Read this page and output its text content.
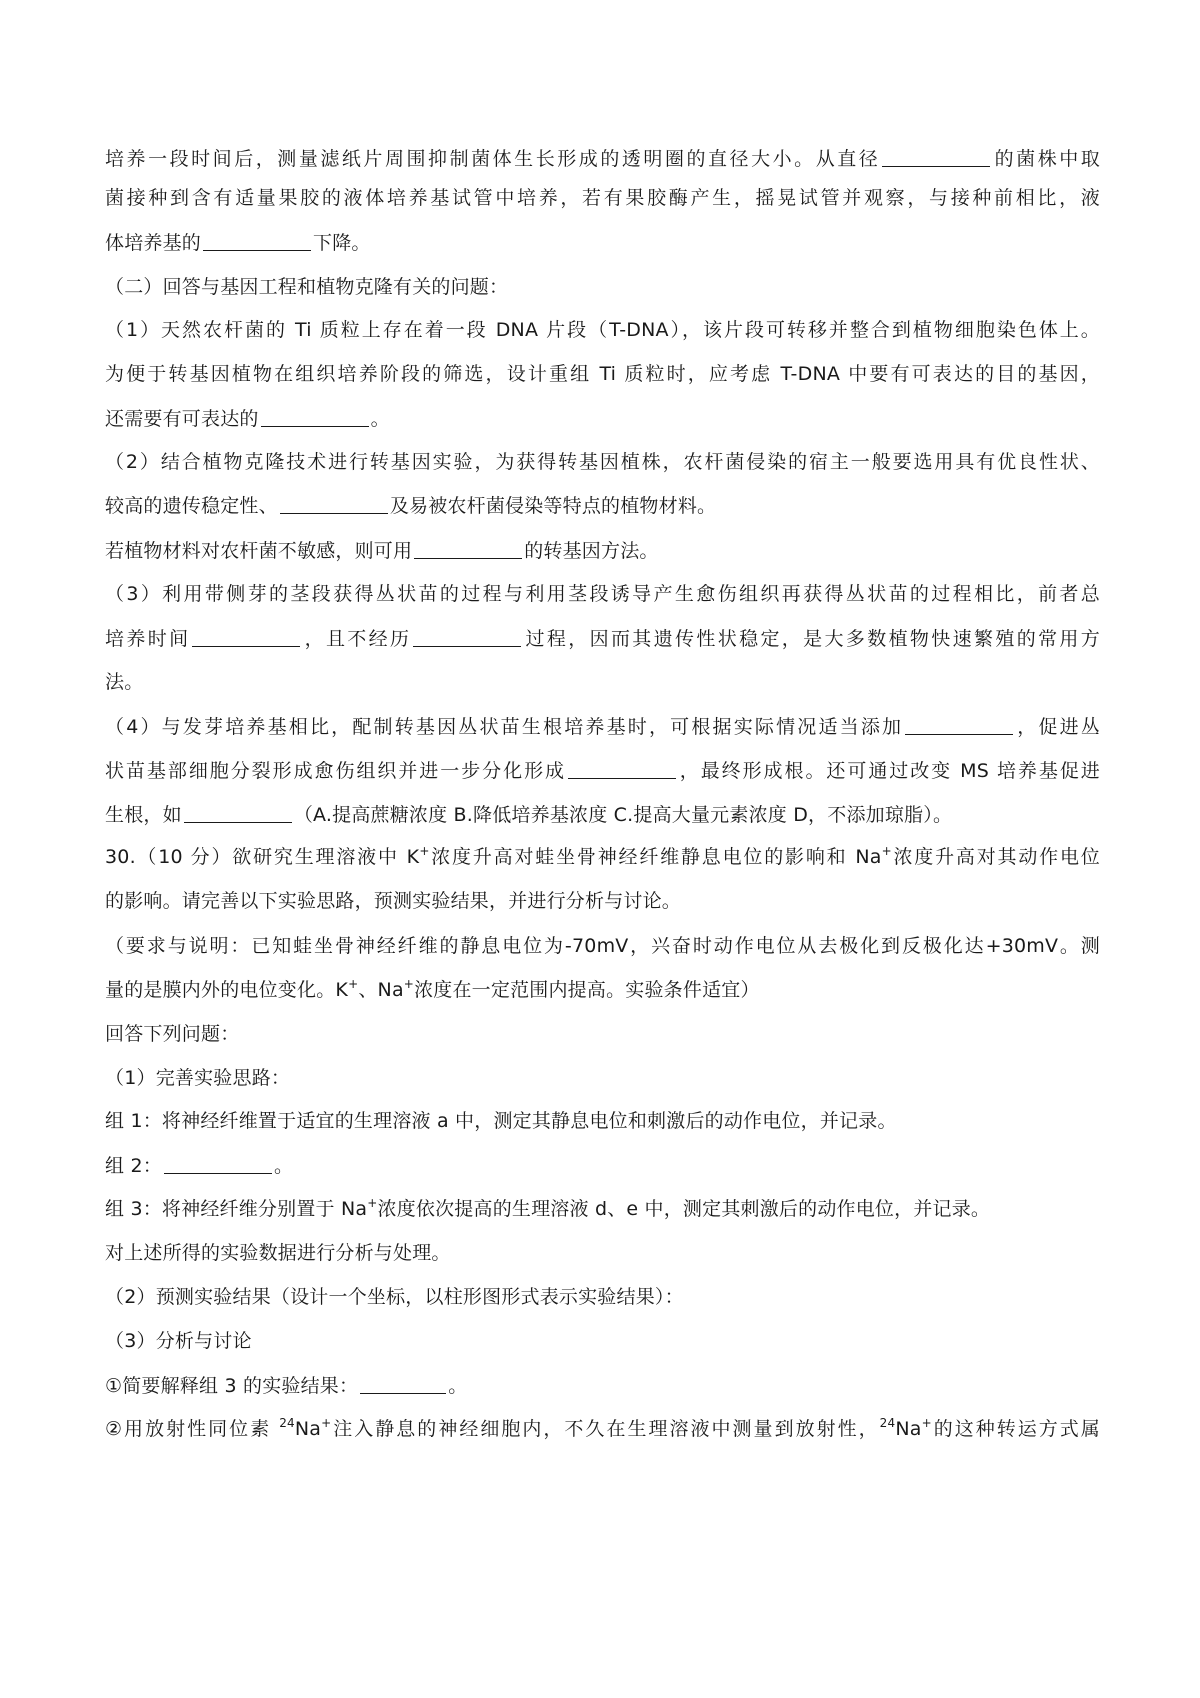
培养一段时间后，测量滤纸片周围抑制菌体生长形成的透明圈的直径大小。从直径	的菌株中取
菌接种到含有适量果胶的液体培养基试管中培养，若有果胶酶产生，摇晃试管并观察，与接种前相比，液
体培养基的	下降。
（二）回答与基因工程和植物克隆有关的问题：
（1）天然农杆菌的 Ti 质粒上存在着一段 DNA 片段（T-DNA），该片段可转移并整合到植物细胞染色体上。
为便于转基因植物在组织培养阶段的筛选，设计重组 Ti 质粒时，应考虑 T-DNA 中要有可表达的目的基因，
还需要有可表达的	。
（2）结合植物克隆技术进行转基因实验，为获得转基因植株，农杆菌侵染的宿主一般要选用具有优良性状、
较高的遗传稳定性、	及易被农杆菌侵染等特点的植物材料。
若植物材料对农杆菌不敏感，则可用	的转基因方法。
（3）利用带侧芽的茎段获得丛状苗的过程与利用茎段诱导产生愈伤组织再获得丛状苗的过程相比，前者总
培养时间	，且不经历	过程，因而其遗传性状稳定，是大多数植物快速繁殖的常用方
法。
（4）与发芽培养基相比，配制转基因丛状苗生根培养基时，可根据实际情况适当添加	，促进丛
状苗基部细胞分裂形成愈伤组织并进一步分化形成	，最终形成根。还可通过改变 MS 培养基促进
生根，如	（A.提高蔗糖浓度 B.降低培养基浓度 C.提高大量元素浓度 D，不添加琼脂）。
30.（10 分）欲研究生理溶液中 K+浓度升高对蛙坐骨神经纤维静息电位的影响和 Na+浓度升高对其动作电位
的影响。请完善以下实验思路，预测实验结果，并进行分析与讨论。
（要求与说明：已知蛙坐骨神经纤维的静息电位为-70mV，兴奋时动作电位从去极化到反极化达+30mV。测
量的是膜内外的电位变化。K+、Na+浓度在一定范围内提高。实验条件适宜）
回答下列问题：
（1）完善实验思路：
组 1：将神经纤维置于适宜的生理溶液 a 中，测定其静息电位和刺激后的动作电位，并记录。
组 2：	。
组 3：将神经纤维分别置于 Na+浓度依次提高的生理溶液 d、e 中，测定其刺激后的动作电位，并记录。
对上述所得的实验数据进行分析与处理。
（2）预测实验结果（设计一个坐标，以柱形图形式表示实验结果）：
（3）分析与讨论
①简要解释组 3 的实验结果：	。
②用放射性同位素 $^{24}$Na+注入静息的神经细胞内，不久在生理溶液中测量到放射性，$^{24}$Na+的这种转运方式属
